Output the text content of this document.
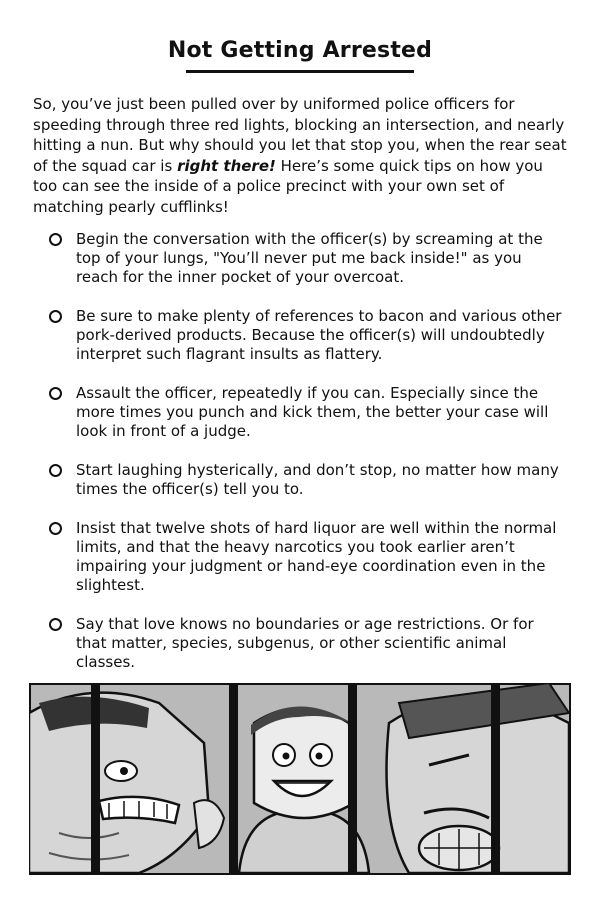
Not Getting Arrested
So, you’ve just been pulled over by uniformed police officers for speeding through three red lights, blocking an intersection, and nearly hitting a nun. But why should you let that stop you, when the rear seat of the squad car is right there! Here’s some quick tips on how you too can see the inside of a police precinct with your own set of matching pearly cufflinks!
Begin the conversation with the officer(s) by screaming at the top of your lungs, "You’ll never put me back inside!" as you reach for the inner pocket of your overcoat.
Be sure to make plenty of references to bacon and various other pork-derived products. Because the officer(s) will undoubtedly interpret such flagrant insults as flattery.
Assault the officer, repeatedly if you can. Especially since the more times you punch and kick them, the better your case will look in front of a judge.
Start laughing hysterically, and don’t stop, no matter how many times the officer(s) tell you to.
Insist that twelve shots of hard liquor are well within the normal limits, and that the heavy narcotics you took earlier aren’t impairing your judgment or hand-eye coordination even in the slightest.
Say that love knows no boundaries or age restrictions. Or for that matter, species, subgenus, or other scientific animal classes.
